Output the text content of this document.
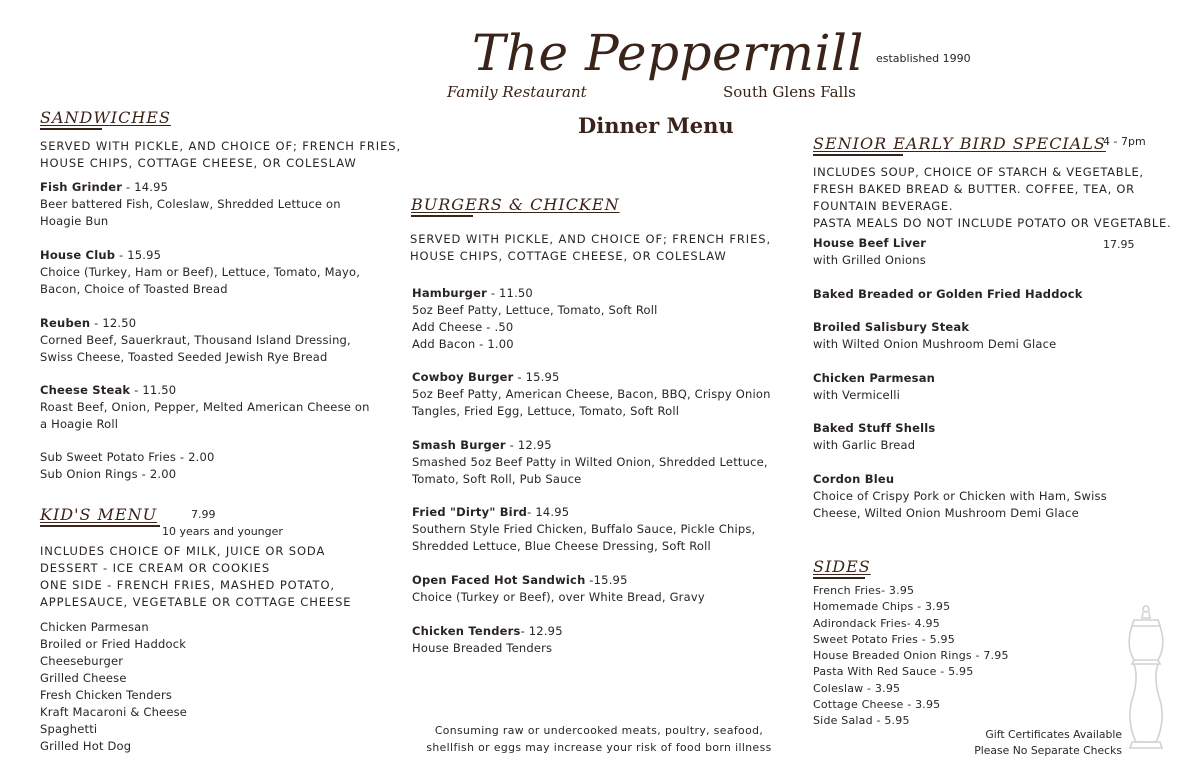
The Peppermill established 1990
Family Restaurant	South Glens Falls
Dinner Menu
SANDWICHES
SERVED WITH PICKLE, AND CHOICE OF; FRENCH FRIES,
HOUSE CHIPS, COTTAGE CHEESE, OR COLESLAW
Fish Grinder - 14.95
Beer battered Fish, Coleslaw, Shredded Lettuce on
Hoagie Bun
House Club - 15.95
Choice (Turkey, Ham or Beef), Lettuce, Tomato, Mayo,
Bacon, Choice of Toasted Bread
Reuben - 12.50
Corned Beef, Sauerkraut, Thousand Island Dressing,
Swiss Cheese, Toasted Seeded Jewish Rye Bread
Cheese Steak - 11.50
Roast Beef, Onion, Pepper, Melted American Cheese on
a Hoagie Roll
Sub Sweet Potato Fries - 2.00
Sub Onion Rings - 2.00
KID'S MENU	7.99
10 years and younger
INCLUDES CHOICE OF MILK, JUICE OR SODA
DESSERT - ICE CREAM OR COOKIES
ONE SIDE - FRENCH FRIES, MASHED POTATO,
APPLESAUCE, VEGETABLE OR COTTAGE CHEESE
Chicken Parmesan
Broiled or Fried Haddock
Cheeseburger
Grilled Cheese
Fresh Chicken Tenders
Kraft Macaroni & Cheese
Spaghetti
Grilled Hot Dog
BURGERS & CHICKEN
SERVED WITH PICKLE, AND CHOICE OF; FRENCH FRIES,
HOUSE CHIPS, COTTAGE CHEESE, OR COLESLAW
Hamburger - 11.50
5oz Beef Patty, Lettuce, Tomato, Soft Roll
Add Cheese - .50
Add Bacon - 1.00
Cowboy Burger - 15.95
5oz Beef Patty, American Cheese, Bacon, BBQ, Crispy Onion
Tangles, Fried Egg, Lettuce, Tomato, Soft Roll
Smash Burger - 12.95
Smashed 5oz Beef Patty in Wilted Onion, Shredded Lettuce,
Tomato, Soft Roll, Pub Sauce
Fried "Dirty" Bird- 14.95
Southern Style Fried Chicken, Buffalo Sauce, Pickle Chips,
Shredded Lettuce, Blue Cheese Dressing, Soft Roll
Open Faced Hot Sandwich -15.95
Choice (Turkey or Beef), over White Bread, Gravy
Chicken Tenders- 12.95
House Breaded Tenders
Consuming raw or undercooked meats, poultry, seafood, shellfish or eggs may increase your risk of food born illness
SENIOR EARLY BIRD SPECIALS
4 - 7pm
INCLUDES SOUP, CHOICE OF STARCH & VEGETABLE,
FRESH BAKED BREAD & BUTTER. COFFEE, TEA, OR
FOUNTAIN BEVERAGE.
PASTA MEALS DO NOT INCLUDE POTATO OR VEGETABLE.
17.95
House Beef Liver
with Grilled Onions
Baked Breaded or Golden Fried Haddock
Broiled Salisbury Steak
with Wilted Onion Mushroom Demi Glace
Chicken Parmesan
with Vermicelli
Baked Stuff Shells
with Garlic Bread
Cordon Bleu
Choice of Crispy Pork or Chicken with Ham, Swiss
Cheese, Wilted Onion Mushroom Demi Glace
SIDES
French Fries- 3.95
Homemade Chips - 3.95
Adirondack Fries- 4.95
Sweet Potato Fries - 5.95
House Breaded Onion Rings - 7.95
Pasta With Red Sauce - 5.95
Coleslaw - 3.95
Cottage Cheese - 3.95
Side Salad - 5.95
Gift Certificates Available
Please No Separate Checks
